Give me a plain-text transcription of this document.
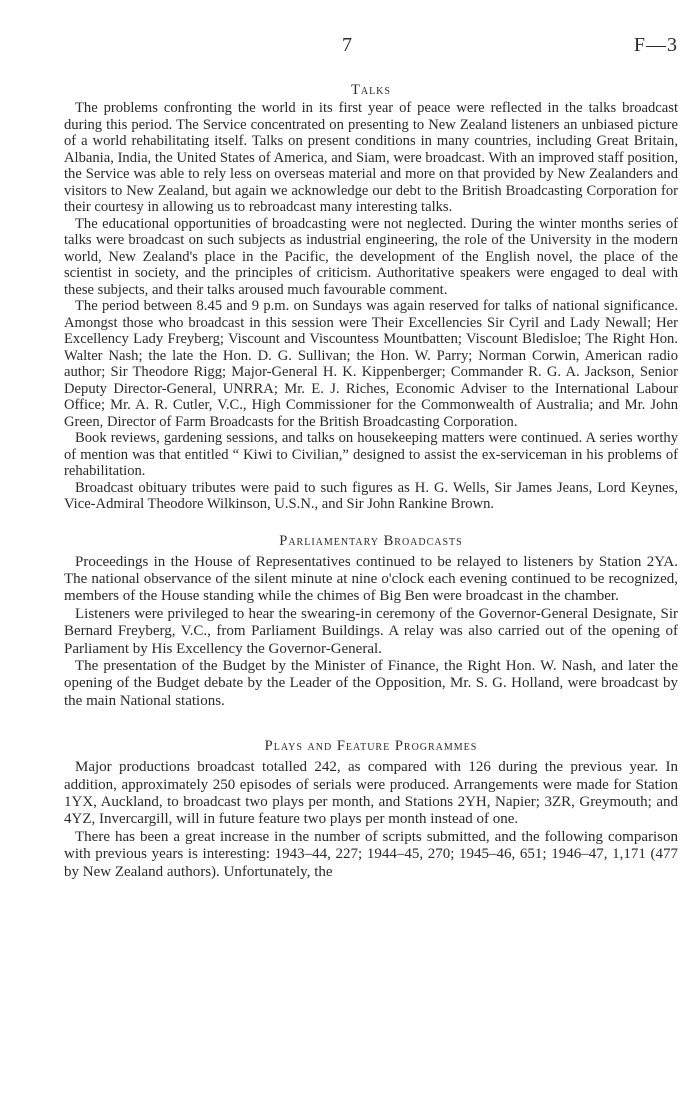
7	F—3
Talks

The problems confronting the world in its first year of peace were reflected in the talks broadcast during this period. The Service concentrated on presenting to New Zealand listeners an unbiased picture of a world rehabilitating itself. Talks on present conditions in many countries, including Great Britain, Albania, India, the United States of America, and Siam, were broadcast. With an improved staff position, the Service was able to rely less on overseas material and more on that provided by New Zealanders and visitors to New Zealand, but again we acknowledge our debt to the British Broadcasting Corporation for their courtesy in allowing us to rebroadcast many interesting talks.

The educational opportunities of broadcasting were not neglected. During the winter months series of talks were broadcast on such subjects as industrial engineering, the role of the University in the modern world, New Zealand's place in the Pacific, the development of the English novel, the place of the scientist in society, and the principles of criticism. Authoritative speakers were engaged to deal with these subjects, and their talks aroused much favourable comment.

The period between 8.45 and 9 p.m. on Sundays was again reserved for talks of national significance. Amongst those who broadcast in this session were Their Excellencies Sir Cyril and Lady Newall; Her Excellency Lady Freyberg; Viscount and Viscountess Mountbatten; Viscount Bledisloe; The Right Hon. Walter Nash; the late the Hon. D. G. Sullivan; the Hon. W. Parry; Norman Corwin, American radio author; Sir Theodore Rigg; Major-General H. K. Kippenberger; Commander R. G. A. Jackson, Senior Deputy Director-General, UNRRA; Mr. E. J. Riches, Economic Adviser to the International Labour Office; Mr. A. R. Cutler, V.C., High Commissioner for the Commonwealth of Australia; and Mr. John Green, Director of Farm Broadcasts for the British Broadcasting Corporation.

Book reviews, gardening sessions, and talks on housekeeping matters were continued. A series worthy of mention was that entitled “ Kiwi to Civilian,” designed to assist the ex-serviceman in his problems of rehabilitation.

Broadcast obituary tributes were paid to such figures as H. G. Wells, Sir James Jeans, Lord Keynes, Vice-Admiral Theodore Wilkinson, U.S.N., and Sir John Rankine Brown.

Parliamentary Broadcasts

Proceedings in the House of Representatives continued to be relayed to listeners by Station 2YA. The national observance of the silent minute at nine o'clock each evening continued to be recognized, members of the House standing while the chimes of Big Ben were broadcast in the chamber.

Listeners were privileged to hear the swearing-in ceremony of the Governor-General Designate, Sir Bernard Freyberg, V.C., from Parliament Buildings. A relay was also carried out of the opening of Parliament by His Excellency the Governor-General.

The presentation of the Budget by the Minister of Finance, the Right Hon. W. Nash, and later the opening of the Budget debate by the Leader of the Opposition, Mr. S. G. Holland, were broadcast by the main National stations.

Plays and Feature Programmes

Major productions broadcast totalled 242, as compared with 126 during the previous year. In addition, approximately 250 episodes of serials were produced. Arrangements were made for Station 1YX, Auckland, to broadcast two plays per month, and Stations 2YH, Napier; 3ZR, Greymouth; and 4YZ, Invercargill, will in future feature two plays per month instead of one.

There has been a great increase in the number of scripts submitted, and the following comparison with previous years is interesting: 1943–44, 227; 1944–45, 270; 1945–46, 651; 1946–47, 1,171 (477 by New Zealand authors). Unfortunately, the
